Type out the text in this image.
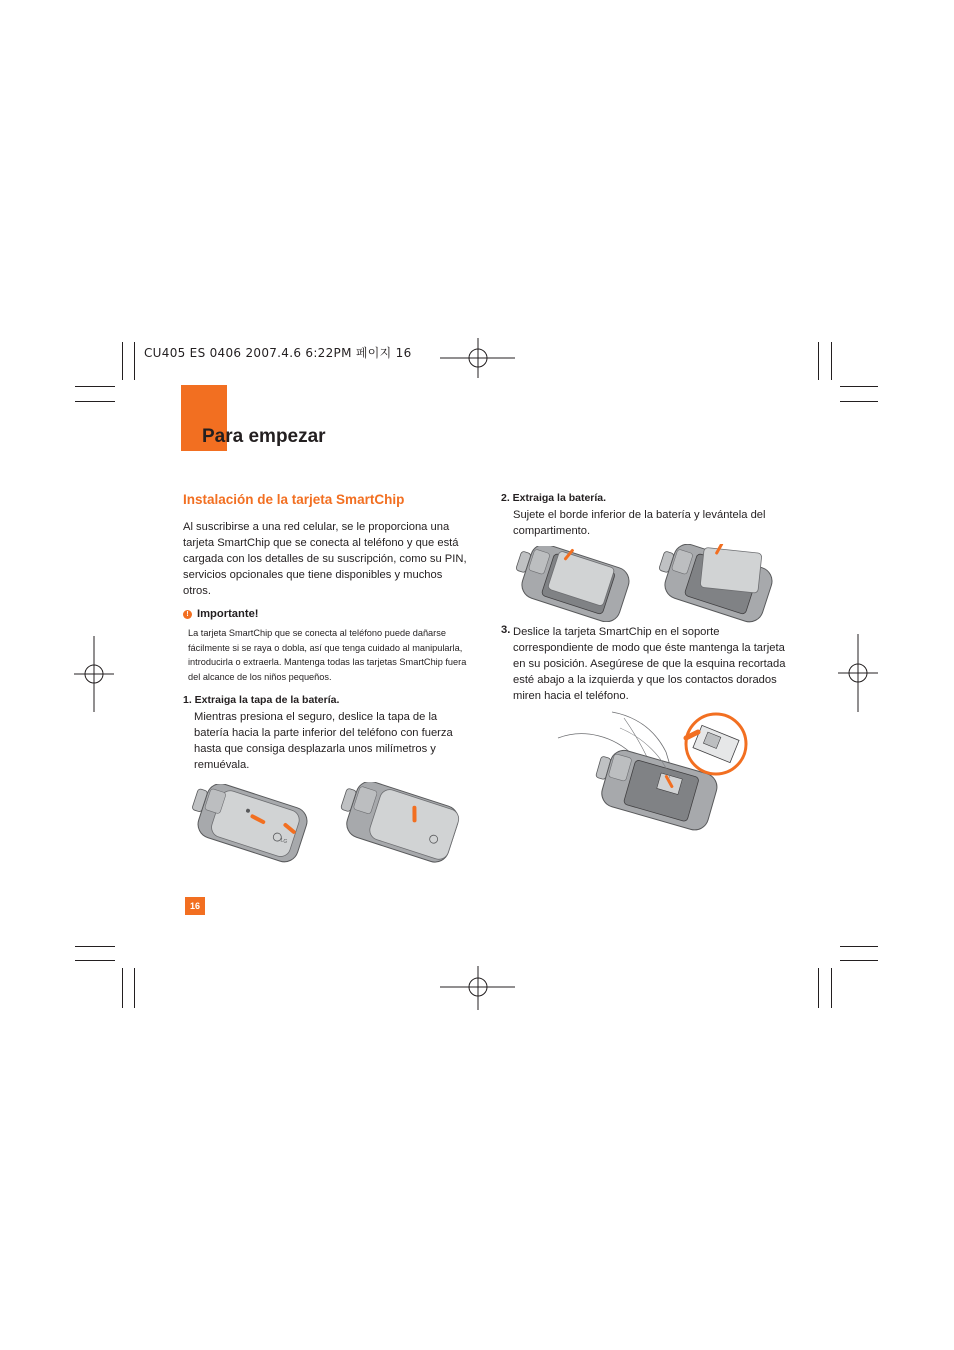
CU405 ES 0406 2007.4.6 6:22PM 페이지 16
Para empezar
Instalación de la tarjeta SmartChip
Al suscribirse a una red celular, se le proporciona una tarjeta SmartChip que se conecta al teléfono y que está cargada con los detalles de su suscripción, como su PIN, servicios opcionales que tiene disponibles y muchos otros.
! Importante!
La tarjeta SmartChip que se conecta al teléfono puede dañarse fácilmente si se raya o dobla, así que tenga cuidado al manipularla, introducirla o extraerla. Mantenga todas las tarjetas SmartChip fuera del alcance de los niños pequeños.
1. Extraiga la tapa de la batería.
Mientras presiona el seguro, deslice la tapa de la batería hacia la parte inferior del teléfono con fuerza hasta que consiga desplazarla unos milímetros y remuévala.
2. Extraiga la batería.
Sujete el borde inferior de la batería y levántela del compartimento.
3. Deslice la tarjeta SmartChip en el soporte correspondiente de modo que éste mantenga la tarjeta en su posición. Asegúrese de que la esquina recortada esté abajo a la izquierda y que los contactos dorados miren hacia el teléfono.
LG
16
